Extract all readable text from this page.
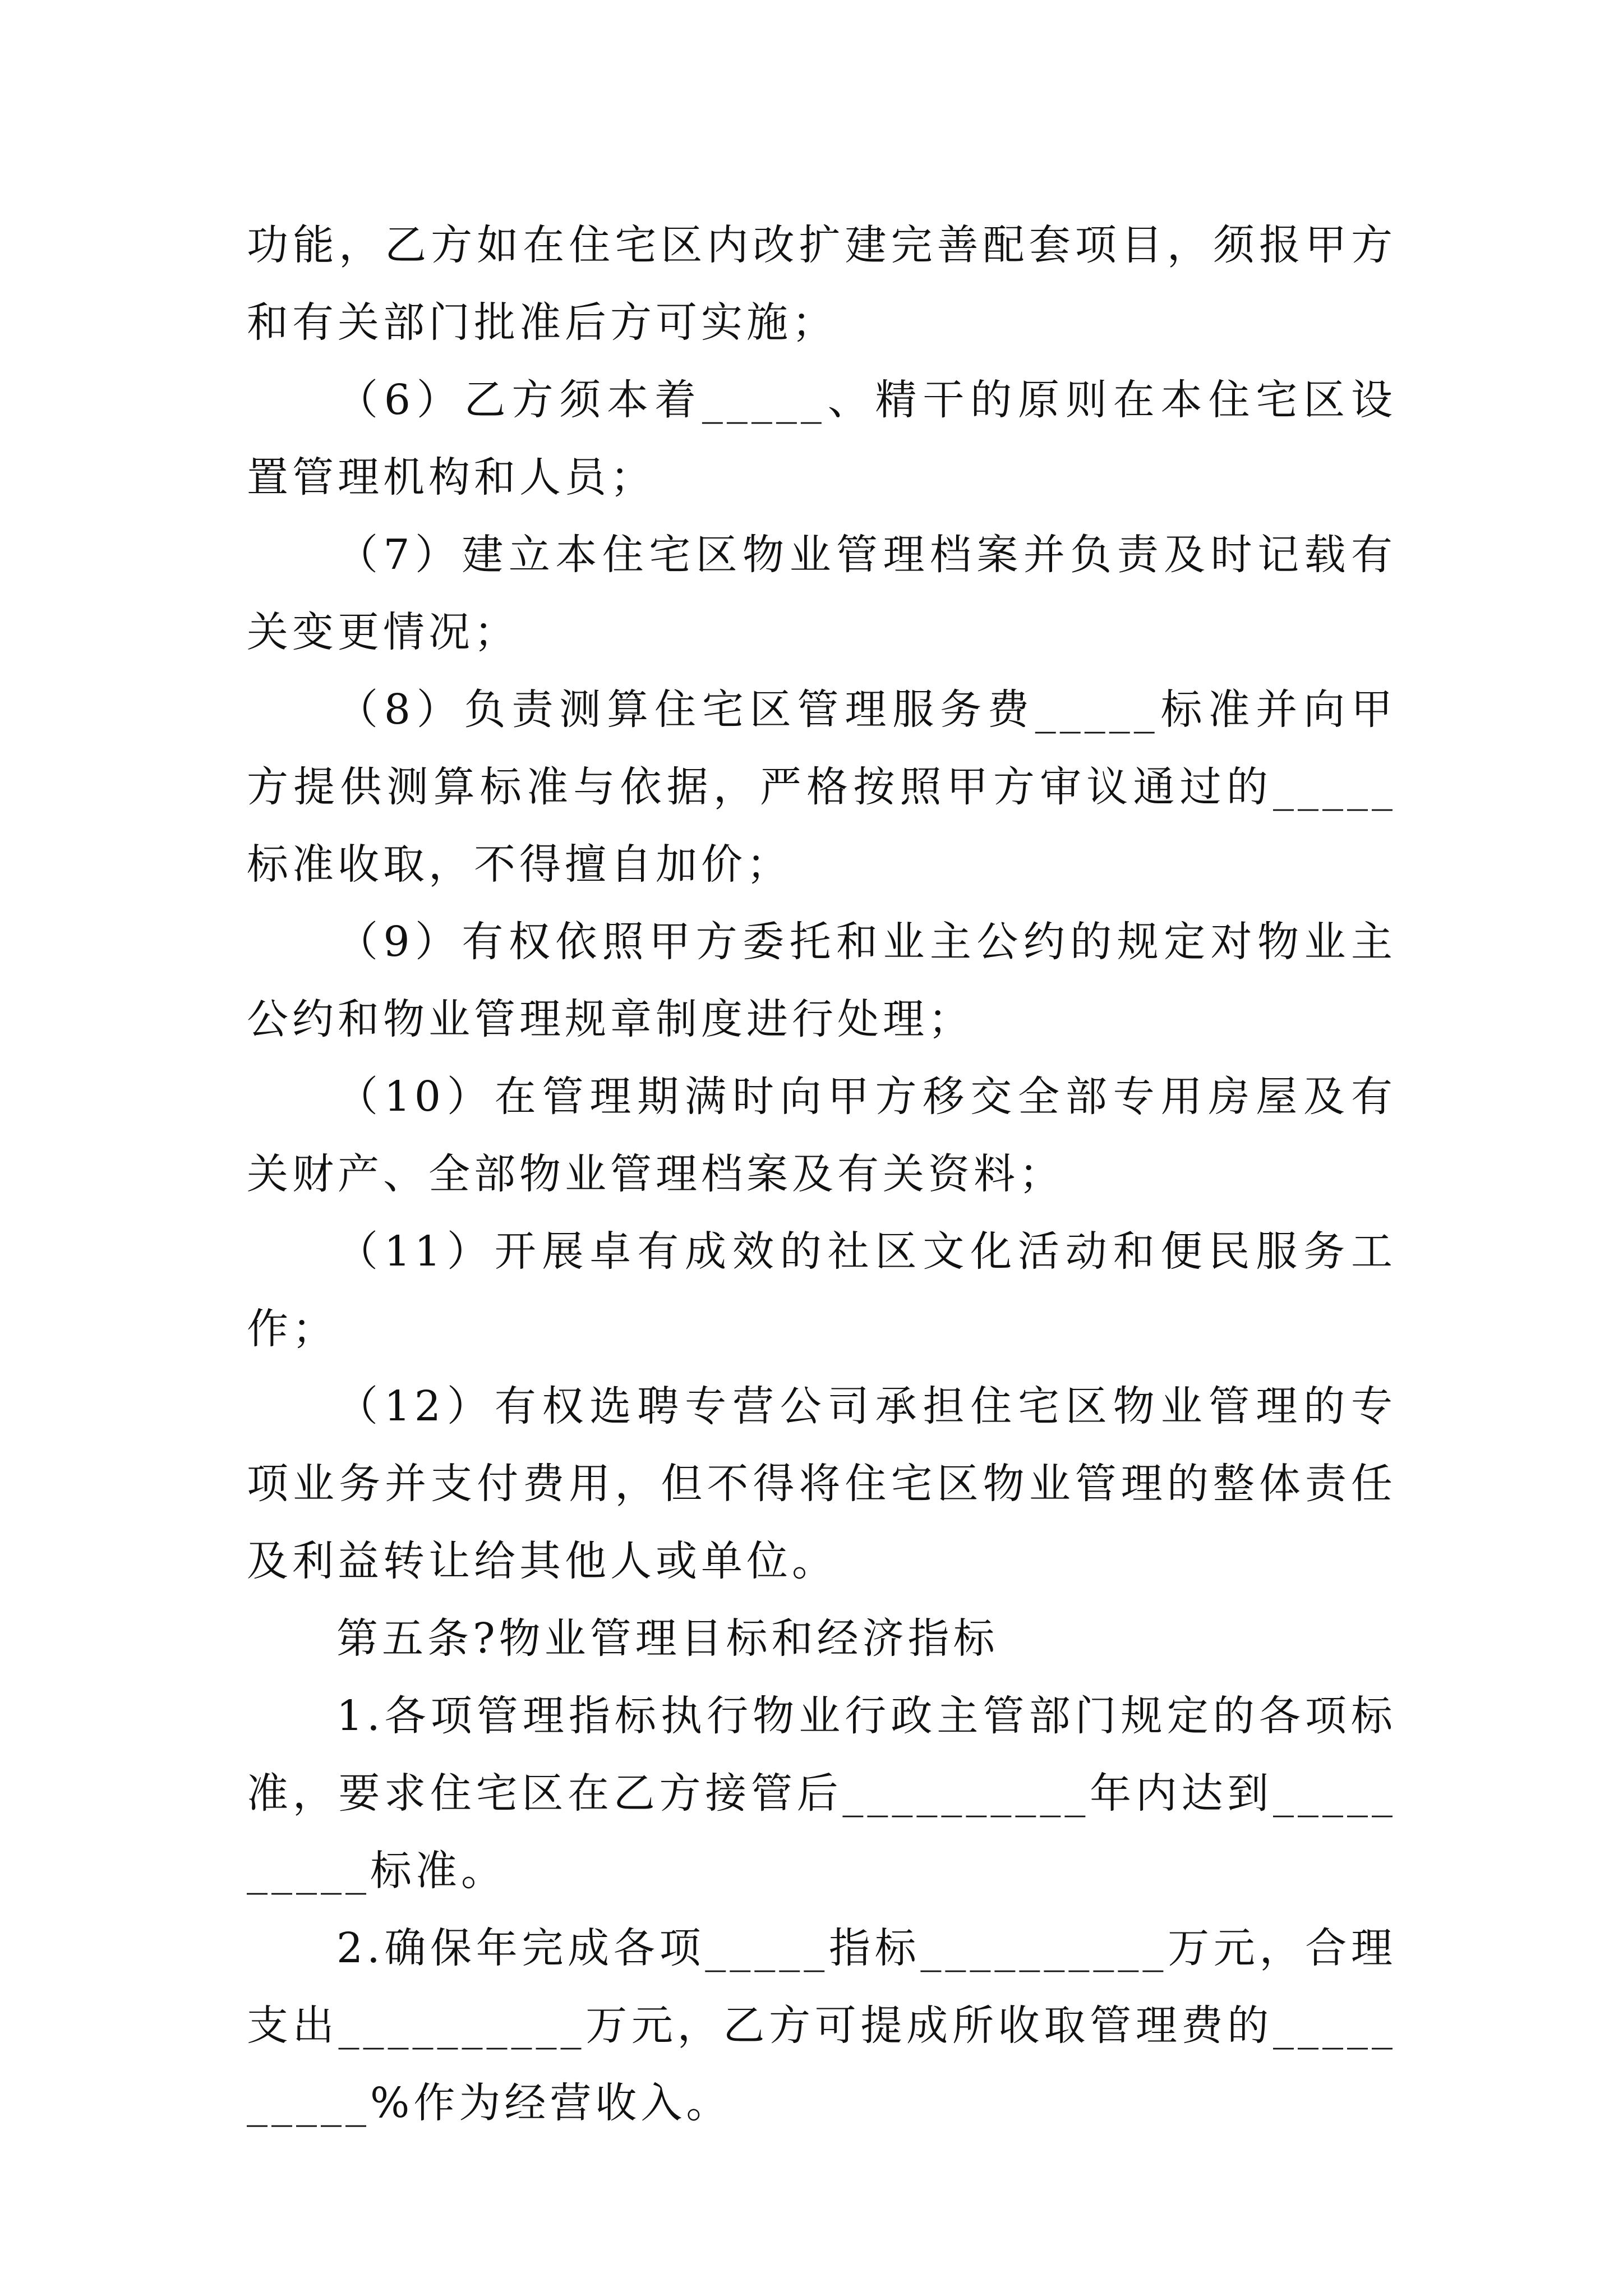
功能，乙方如在住宅区内改扩建完善配套项目，须报甲方和有关部门批准后方可实施；

（6）乙方须本着_____、精干的原则在本住宅区设置管理机构和人员；

（7）建立本住宅区物业管理档案并负责及时记载有关变更情况；

（8）负责测算住宅区管理服务费_____标准并向甲方提供测算标准与依据，严格按照甲方审议通过的_____标准收取，不得擅自加价；

（9）有权依照甲方委托和业主公约的规定对物业主公约和物业管理规章制度进行处理；

（10）在管理期满时向甲方移交全部专用房屋及有关财产、全部物业管理档案及有关资料；

（11）开展卓有成效的社区文化活动和便民服务工作；

（12）有权选聘专营公司承担住宅区物业管理的专项业务并支付费用，但不得将住宅区物业管理的整体责任及利益转让给其他人或单位。

第五条?物业管理目标和经济指标

1.各项管理指标执行物业行政主管部门规定的各项标准，要求住宅区在乙方接管后__________年内达到__________标准。

2.确保年完成各项_____指标__________万元，合理支出__________万元，乙方可提成所收取管理费的__________%作为经营收入。
